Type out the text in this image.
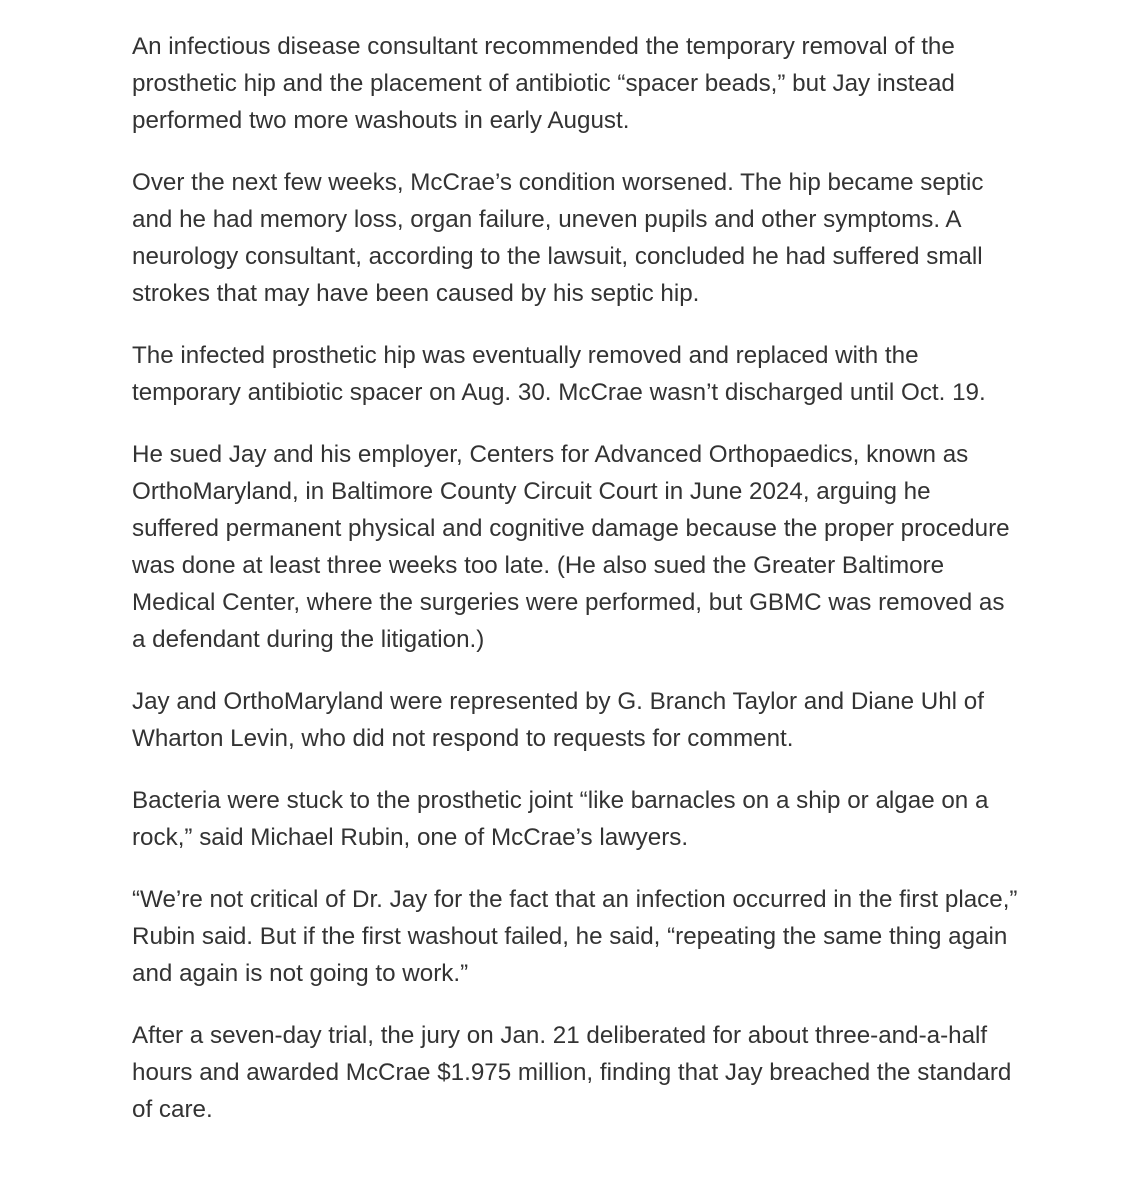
An infectious disease consultant recommended the temporary removal of the prosthetic hip and the placement of antibiotic “spacer beads,” but Jay instead performed two more washouts in early August.

Over the next few weeks, McCrae’s condition worsened. The hip became septic and he had memory loss, organ failure, uneven pupils and other symptoms. A neurology consultant, according to the lawsuit, concluded he had suffered small strokes that may have been caused by his septic hip.

The infected prosthetic hip was eventually removed and replaced with the temporary antibiotic spacer on Aug. 30. McCrae wasn’t discharged until Oct. 19.

He sued Jay and his employer, Centers for Advanced Orthopaedics, known as OrthoMaryland, in Baltimore County Circuit Court in June 2024, arguing he suffered permanent physical and cognitive damage because the proper procedure was done at least three weeks too late. (He also sued the Greater Baltimore Medical Center, where the surgeries were performed, but GBMC was removed as a defendant during the litigation.)

Jay and OrthoMaryland were represented by G. Branch Taylor and Diane Uhl of Wharton Levin, who did not respond to requests for comment.

Bacteria were stuck to the prosthetic joint “like barnacles on a ship or algae on a rock,” said Michael Rubin, one of McCrae’s lawyers.

“We’re not critical of Dr. Jay for the fact that an infection occurred in the first place,” Rubin said. But if the first washout failed, he said, “repeating the same thing again and again is not going to work.”

After a seven-day trial, the jury on Jan. 21 deliberated for about three-and-a-half hours and awarded McCrae $1.975 million, finding that Jay breached the standard of care.
